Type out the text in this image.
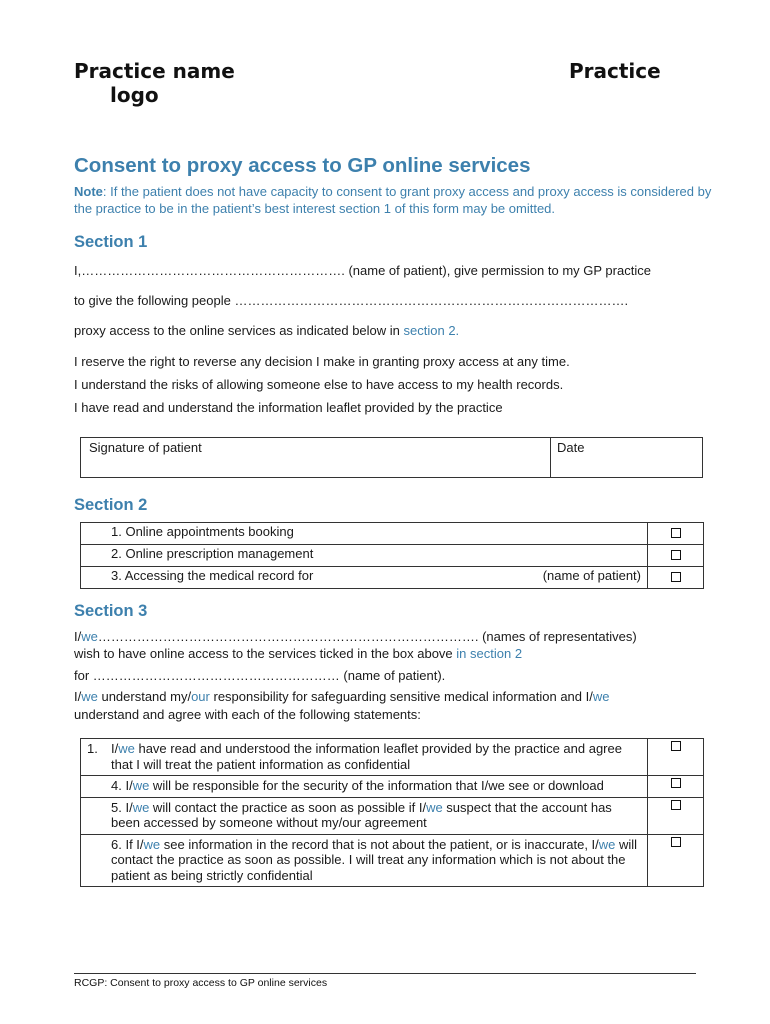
Practice name
logo
Practice
Consent to proxy access to GP online services
Note: If the patient does not have capacity to consent to grant proxy access and proxy access is considered by the practice to be in the patient’s best interest section 1 of this form may be omitted.
Section 1
I,……………………………………………………. (name of patient), give permission to my GP practice
to give the following people ……………………………………………………………………………….
proxy access to the online services as indicated below in section 2.
I reserve the right to reverse any decision I make in granting proxy access at any time.
I understand the risks of allowing someone else to have access to my health records.
I have read and understand the information leaflet provided by the practice
Signature of patient	Date
Section 2
1. Online appointments booking	
2. Online prescription management	
3. Accessing the medical record for (name of patient)	

Section 3
I/we……………………………………………………………………………. (names of representatives)
wish to have online access to the services ticked in the box above in section 2
for ………………………………………………… (name of patient).
I/we understand my/our responsibility for safeguarding sensitive medical information and I/we
understand and agree with each of the following statements:
1. I/we have read and understood the information leaflet provided by the practice and agree that I will treat the patient information as confidential	
4. I/we will be responsible for the security of the information that I/we see or download	
5. I/we will contact the practice as soon as possible if I/we suspect that the account has been accessed by someone without my/our agreement	
6. If I/we see information in the record that is not about the patient, or is inaccurate, I/we will contact the practice as soon as possible. I will treat any information which is not about the patient as being strictly confidential	
RCGP: Consent to proxy access to GP online services
